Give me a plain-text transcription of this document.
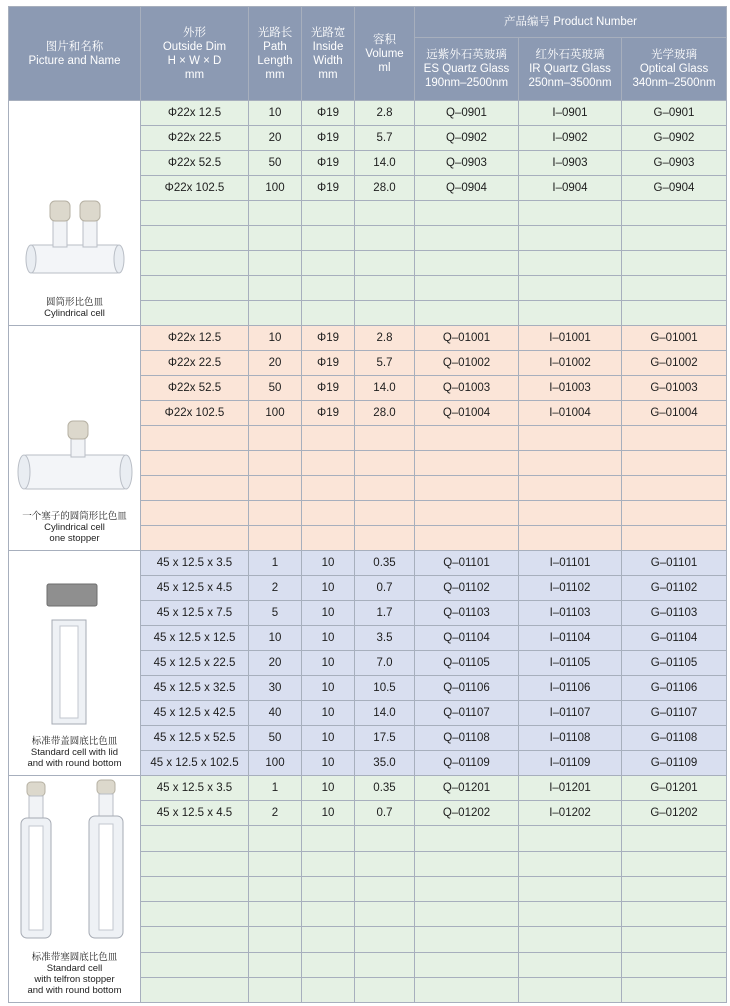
图片和名称
Picture and Name	外形
Outside Dim
H × W × D
mm	光路长
Path
Length
mm	光路宽
Inside
Width
mm	容积
Volume
ml	产品编号 Product Number		

					远紫外石英玻璃
ES Quartz Glass
190nm–2500nm	红外石英玻璃
IR Quartz Glass
250nm–3500nm	光学玻璃
Optical Glass
340nm–2500nm

圆筒形比色皿
Cylindrical cell	Φ22x 12.5	10	Φ19	2.8	Q–0901	I–0901	G–0901
	Φ22x 22.5	20	Φ19	5.7	Q–0902	I–0902	G–0902
	Φ22x 52.5	50	Φ19	14.0	Q–0903	I–0903	G–0903
	Φ22x 102.5	100	Φ19	28.0	Q–0904	I–0904	G–0904

一个塞子的圆筒形比色皿
Cylindrical cell
one stopper	Φ22x 12.5	10	Φ19	2.8	Q–01001	I–01001	G–01001
	Φ22x 22.5	20	Φ19	5.7	Q–01002	I–01002	G–01002
	Φ22x 52.5	50	Φ19	14.0	Q–01003	I–01003	G–01003
	Φ22x 102.5	100	Φ19	28.0	Q–01004	I–01004	G–01004

标准带盖圆底比色皿
Standard cell with lid
and with round bottom	45 x 12.5 x 3.5	1	10	0.35	Q–01101	I–01101	G–01101
	45 x 12.5 x 4.5	2	10	0.7	Q–01102	I–01102	G–01102
	45 x 12.5 x 7.5	5	10	1.7	Q–01103	I–01103	G–01103
	45 x 12.5 x 12.5	10	10	3.5	Q–01104	I–01104	G–01104
	45 x 12.5 x 22.5	20	10	7.0	Q–01105	I–01105	G–01105
	45 x 12.5 x 32.5	30	10	10.5	Q–01106	I–01106	G–01106
	45 x 12.5 x 42.5	40	10	14.0	Q–01107	I–01107	G–01107
	45 x 12.5 x 52.5	50	10	17.5	Q–01108	I–01108	G–01108
	45 x 12.5 x 102.5	100	10	35.0	Q–01109	I–01109	G–01109

标准带塞圆底比色皿
Standard cell
with telfron stopper
and with round bottom	45 x 12.5 x 3.5	1	10	0.35	Q–01201	I–01201	G–01201
	45 x 12.5 x 4.5	2	10	0.7	Q–01202	I–01202	G–01202
